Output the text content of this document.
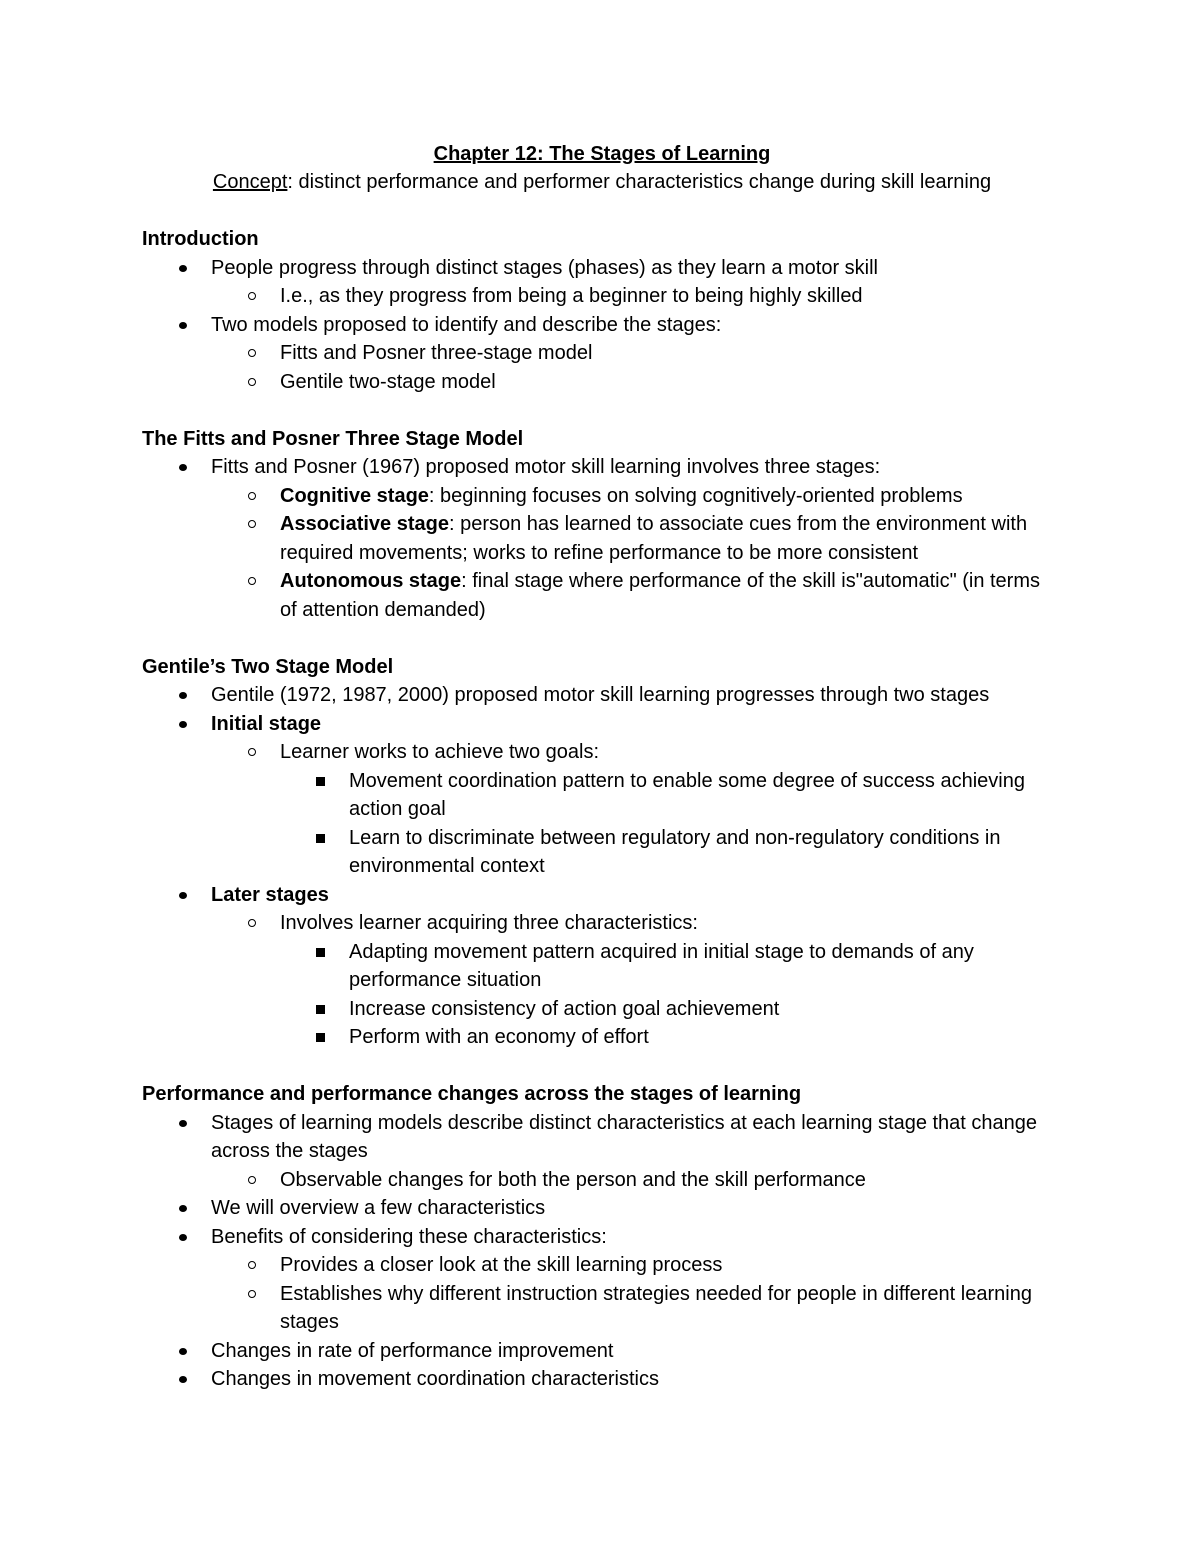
Chapter 12: The Stages of Learning

Concept: distinct performance and performer characteristics change during skill learning

Introduction
People progress through distinct stages (phases) as they learn a motor skill
I.e., as they progress from being a beginner to being highly skilled
Two models proposed to identify and describe the stages:
Fitts and Posner three-stage model
Gentile two-stage model
The Fitts and Posner Three Stage Model
Fitts and Posner (1967) proposed motor skill learning involves three stages:
Cognitive stage: beginning focuses on solving cognitively-oriented problems
Associative stage: person has learned to associate cues from the environment with required movements; works to refine performance to be more consistent
Autonomous stage: final stage where performance of the skill is"automatic" (in terms of attention demanded)
Gentile’s Two Stage Model
Gentile (1972, 1987, 2000) proposed motor skill learning progresses through two stages
Initial stage
Learner works to achieve two goals:
Movement coordination pattern to enable some degree of success achieving action goal
Learn to discriminate between regulatory and non-regulatory conditions in environmental context
Later stages
Involves learner acquiring three characteristics:
Adapting movement pattern acquired in initial stage to demands of any performance situation
Increase consistency of action goal achievement
Perform with an economy of effort
Performance and performance changes across the stages of learning
Stages of learning models describe distinct characteristics at each learning stage that change across the stages
Observable changes for both the person and the skill performance
We will overview a few characteristics
Benefits of considering these characteristics:
Provides a closer look at the skill learning process
Establishes why different instruction strategies needed for people in different learning stages
Changes in rate of performance improvement
Changes in movement coordination characteristics
